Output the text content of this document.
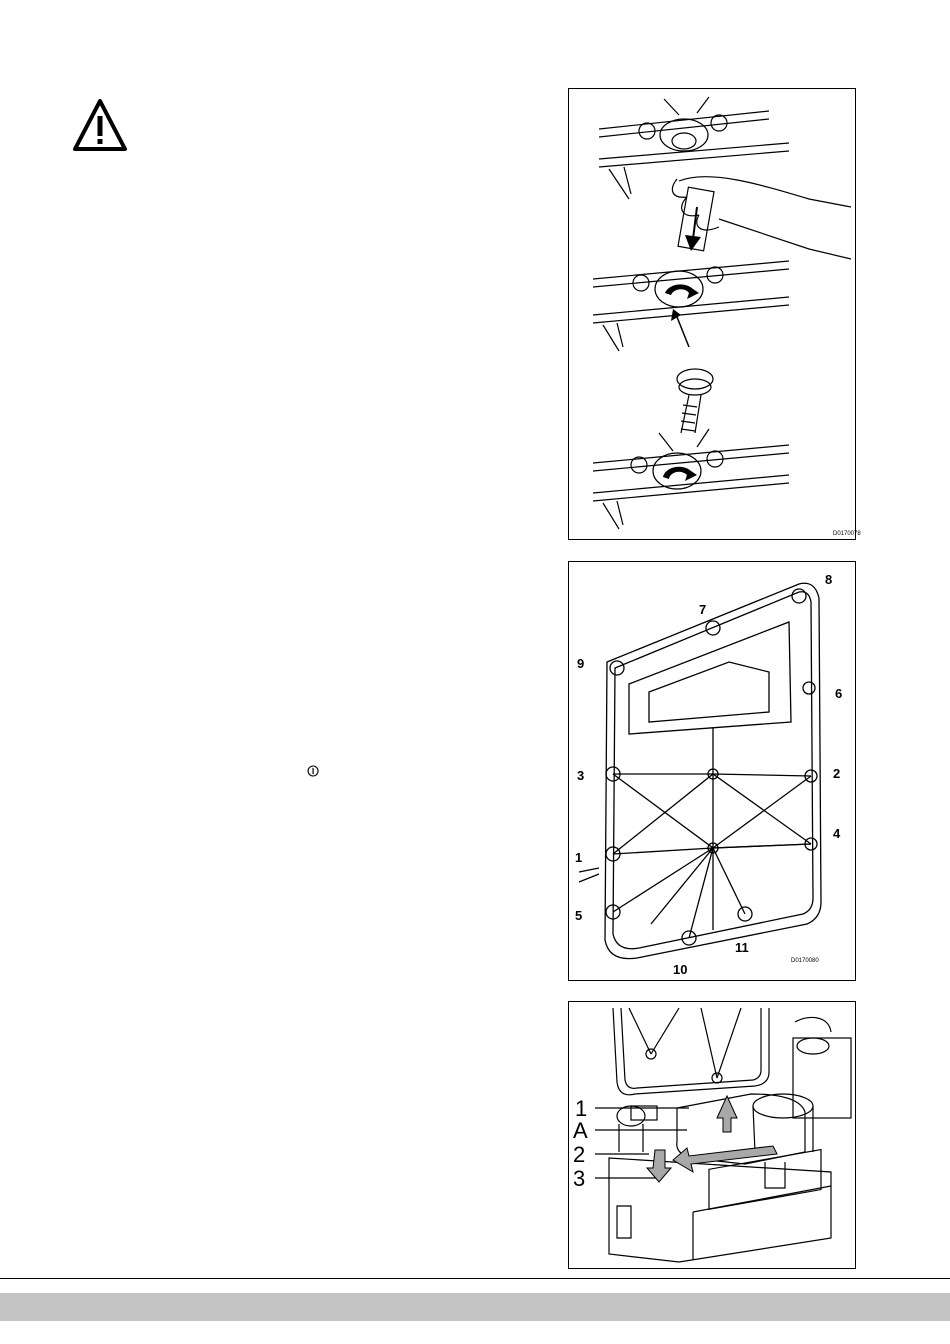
⏼
D0170078
8
7
9
6
3	2
4
1
5
11
10
D0170080
1
A
2
3
